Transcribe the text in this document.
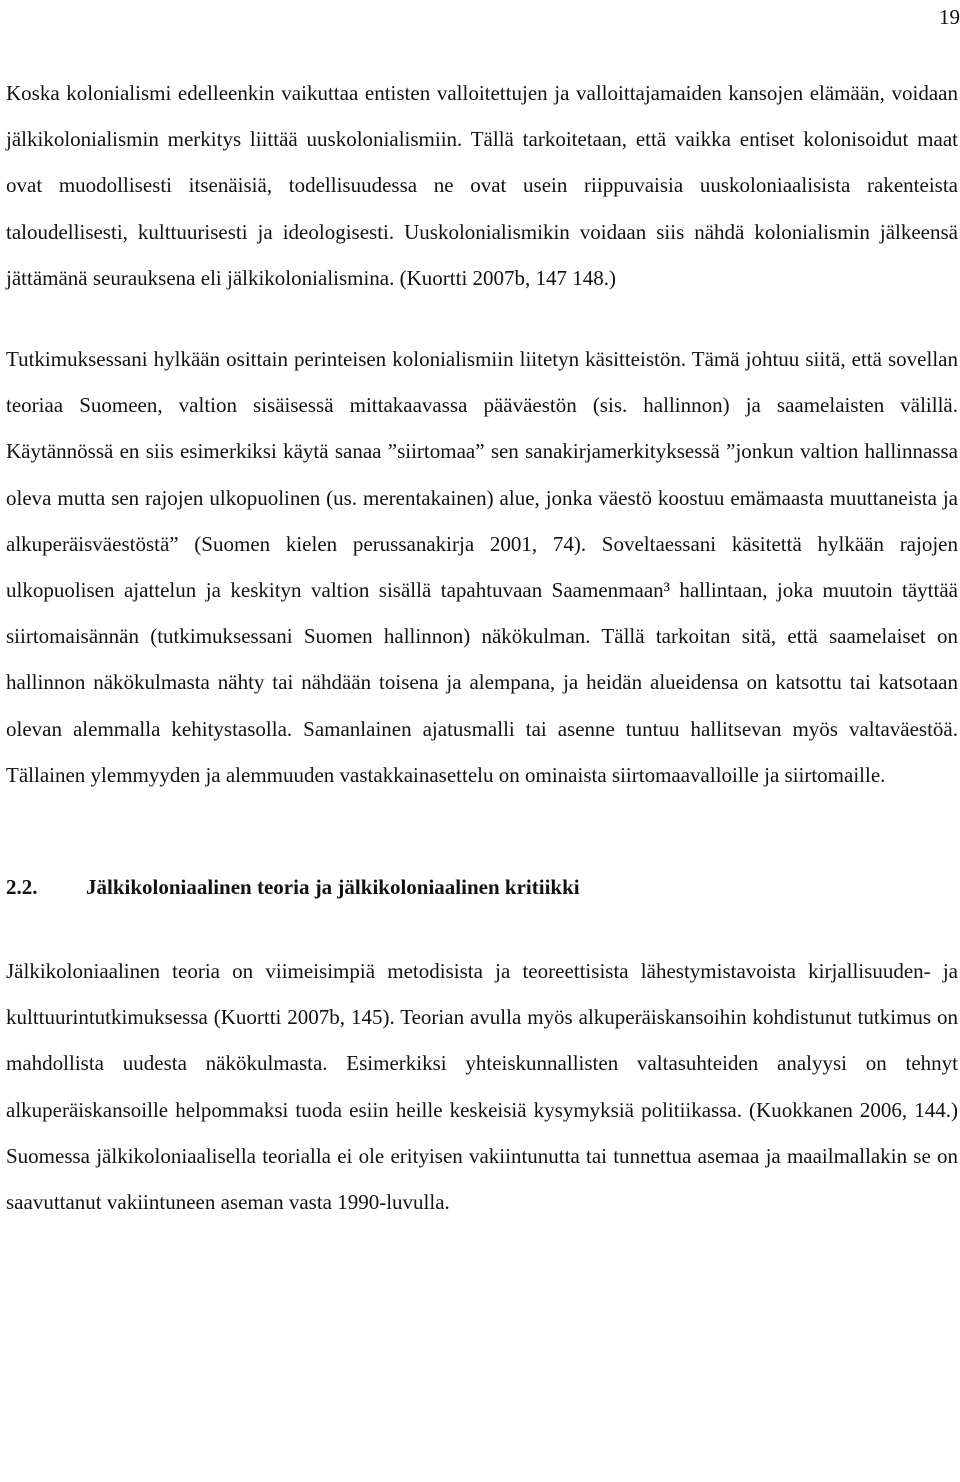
19

Koska kolonialismi edelleenkin vaikuttaa entisten valloitettujen ja valloittajamaiden kansojen elämään, voidaan jälkikolonialismin merkitys liittää uuskolonialismiin. Tällä tarkoitetaan, että vaikka entiset kolonisoidut maat ovat muodollisesti itsenäisiä, todellisuudessa ne ovat usein riippuvaisia uuskoloniaalisista rakenteista taloudellisesti, kulttuurisesti ja ideologisesti. Uuskolonialismikin voidaan siis nähdä kolonialismin jälkeensä jättämänä seurauksena eli jälkikolonialismina. (Kuortti 2007b, 147 148.)

Tutkimuksessani hylkään osittain perinteisen kolonialismiin liitetyn käsitteistön. Tämä johtuu siitä, että sovellan teoriaa Suomeen, valtion sisäisessä mittakaavassa pääväestön (sis. hallinnon) ja saamelaisten välillä. Käytännössä en siis esimerkiksi käytä sanaa ”siirtomaa” sen sanakirjamerkityksessä ”jonkun valtion hallinnassa oleva mutta sen rajojen ulkopuolinen (us. merentakainen) alue, jonka väestö koostuu emämaasta muuttaneista ja alkuperäisväestöstä” (Suomen kielen perussanakirja 2001, 74). Soveltaessani käsitettä hylkään rajojen ulkopuolisen ajattelun ja keskityn valtion sisällä tapahtuvaan Saamenmaan³ hallintaan, joka muutoin täyttää siirtomaisännän (tutkimuksessani Suomen hallinnon) näkökulman. Tällä tarkoitan sitä, että saamelaiset on hallinnon näkökulmasta nähty tai nähdään toisena ja alempana, ja heidän alueidensa on katsottu tai katsotaan olevan alemmalla kehitystasolla. Samanlainen ajatusmalli tai asenne tuntuu hallitsevan myös valtaväestöä. Tällainen ylemmyyden ja alemmuuden vastakkainasettelu on ominaista siirtomaavalloille ja siirtomaille.

2.2.	Jälkikoloniaalinen teoria ja jälkikoloniaalinen kritiikki

Jälkikoloniaalinen teoria on viimeisimpiä metodisista ja teoreettisista lähestymistavoista kirjallisuuden- ja kulttuurintutkimuksessa (Kuortti 2007b, 145). Teorian avulla myös alkuperäiskansoihin kohdistunut tutkimus on mahdollista uudesta näkökulmasta. Esimerkiksi yhteiskunnallisten valtasuhteiden analyysi on tehnyt alkuperäiskansoille helpommaksi tuoda esiin heille keskeisiä kysymyksiä politiikassa. (Kuokkanen 2006, 144.) Suomessa jälkikoloniaalisella teorialla ei ole erityisen vakiintunutta tai tunnettua asemaa ja maailmallakin se on saavuttanut vakiintuneen aseman vasta 1990-luvulla.
